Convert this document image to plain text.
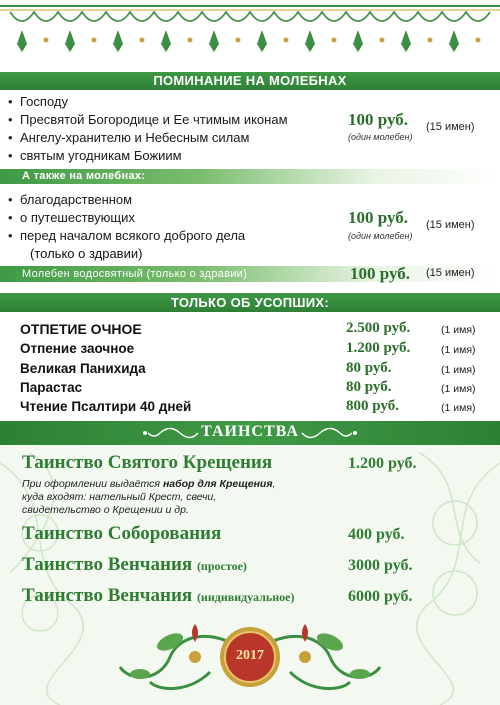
ПОМИНАНИЕ НА МОЛЕБНАХ
• Господу
• Пресвятой Богородице и Ее чтимым иконам
• Ангелу-хранителю и Небесным силам
• святым угодникам Божиим
100 руб.
(один молебен)
(15 имен)
А также на молебнах:
• благодарственном
• о путешествующих
• перед началом всякого доброго дела
(только о здравии)
100 руб.
(один молебен)
(15 имен)
Молебен водосвятный (только о здравии)	100 руб. (15 имен)
ТОЛЬКО ОБ УСОПШИХ:
ОТПЕТИЕ ОЧНОЕ	2.500 руб.	(1 имя)
Отпение заочное	1.200 руб.	(1 имя)
Великая Панихида	80 руб.	(1 имя)
Парастас	80 руб.	(1 имя)
Чтение Псалтири 40 дней	800 руб.	(1 имя)
ТАИНСТВА
Таинство Святого Крещения	1.200 руб.
При оформлении выдаётся набор для Крещения,
куда входят: нательный Крест, свечи,
свидетельство о Крещении и др.
Таинство Соборования	400 руб.
Таинство Венчания (простое)	3000 руб.
Таинство Венчания (индивидуальное)	6000 руб.
2017
